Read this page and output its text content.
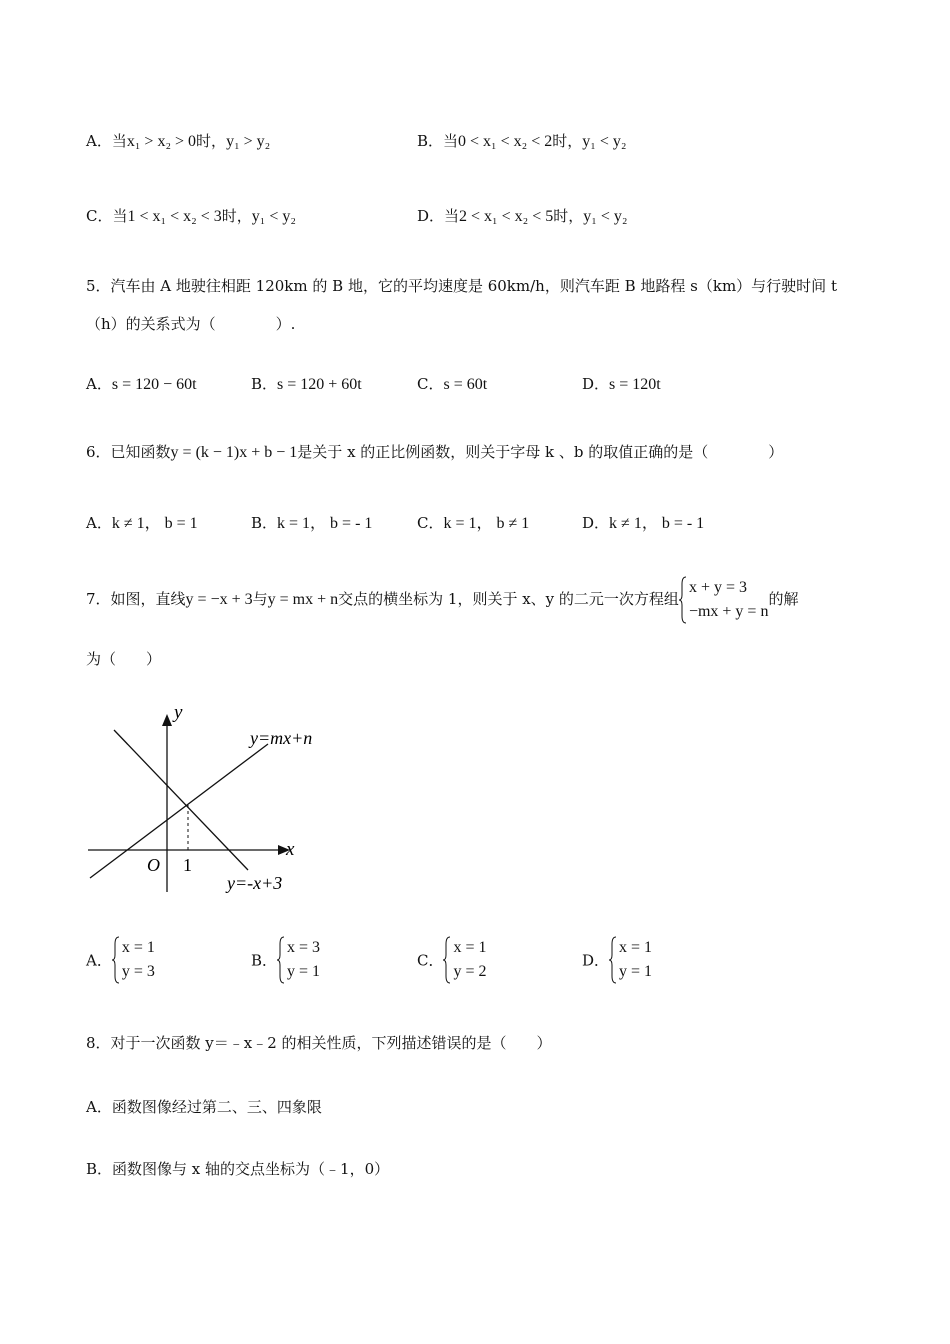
A．当x₁ > x₂ > 0时，y₁ > y₂	B．当0 < x₁ < x₂ < 2时，y₁ < y₂
C．当1 < x₁ < x₂ < 3时，y₁ < y₂	D．当2 < x₁ < x₂ < 5时，y₁ < y₂
5．汽车由 A 地驶往相距 120km 的 B 地，它的平均速度是 60km/h，则汽车距 B 地路程 s（km）与行驶时间 t
（h）的关系式为（　　　　）.
A．s = 120 − 60t	B．s = 120 + 60t	C．s = 60t	D．s = 120t
6．已知函数y = (k − 1)x + b − 1是关于 x 的正比例函数，则关于字母 k 、b 的取值正确的是（　　　　）
A．k ≠ 1， b = 1	B．k = 1， b = - 1	C．k = 1， b ≠ 1	D．k ≠ 1， b = - 1
7．如图，直线y = −x + 3与y = mx + n交点的横坐标为 1，则关于 x、y 的二元一次方程组
x + y = 3
−mx + y = n
的解
为（　　）
y
x
O 1
y=mx+n
y=-x+3
A．
x = 1
y = 3
B．
x = 3
y = 1
C．
x = 1
y = 2
D．
x = 1
y = 1
8．对于一次函数 y＝﹣x﹣2 的相关性质，下列描述错误的是（　　）
A．函数图像经过第二、三、四象限
B．函数图像与 x 轴的交点坐标为（﹣1，0）
